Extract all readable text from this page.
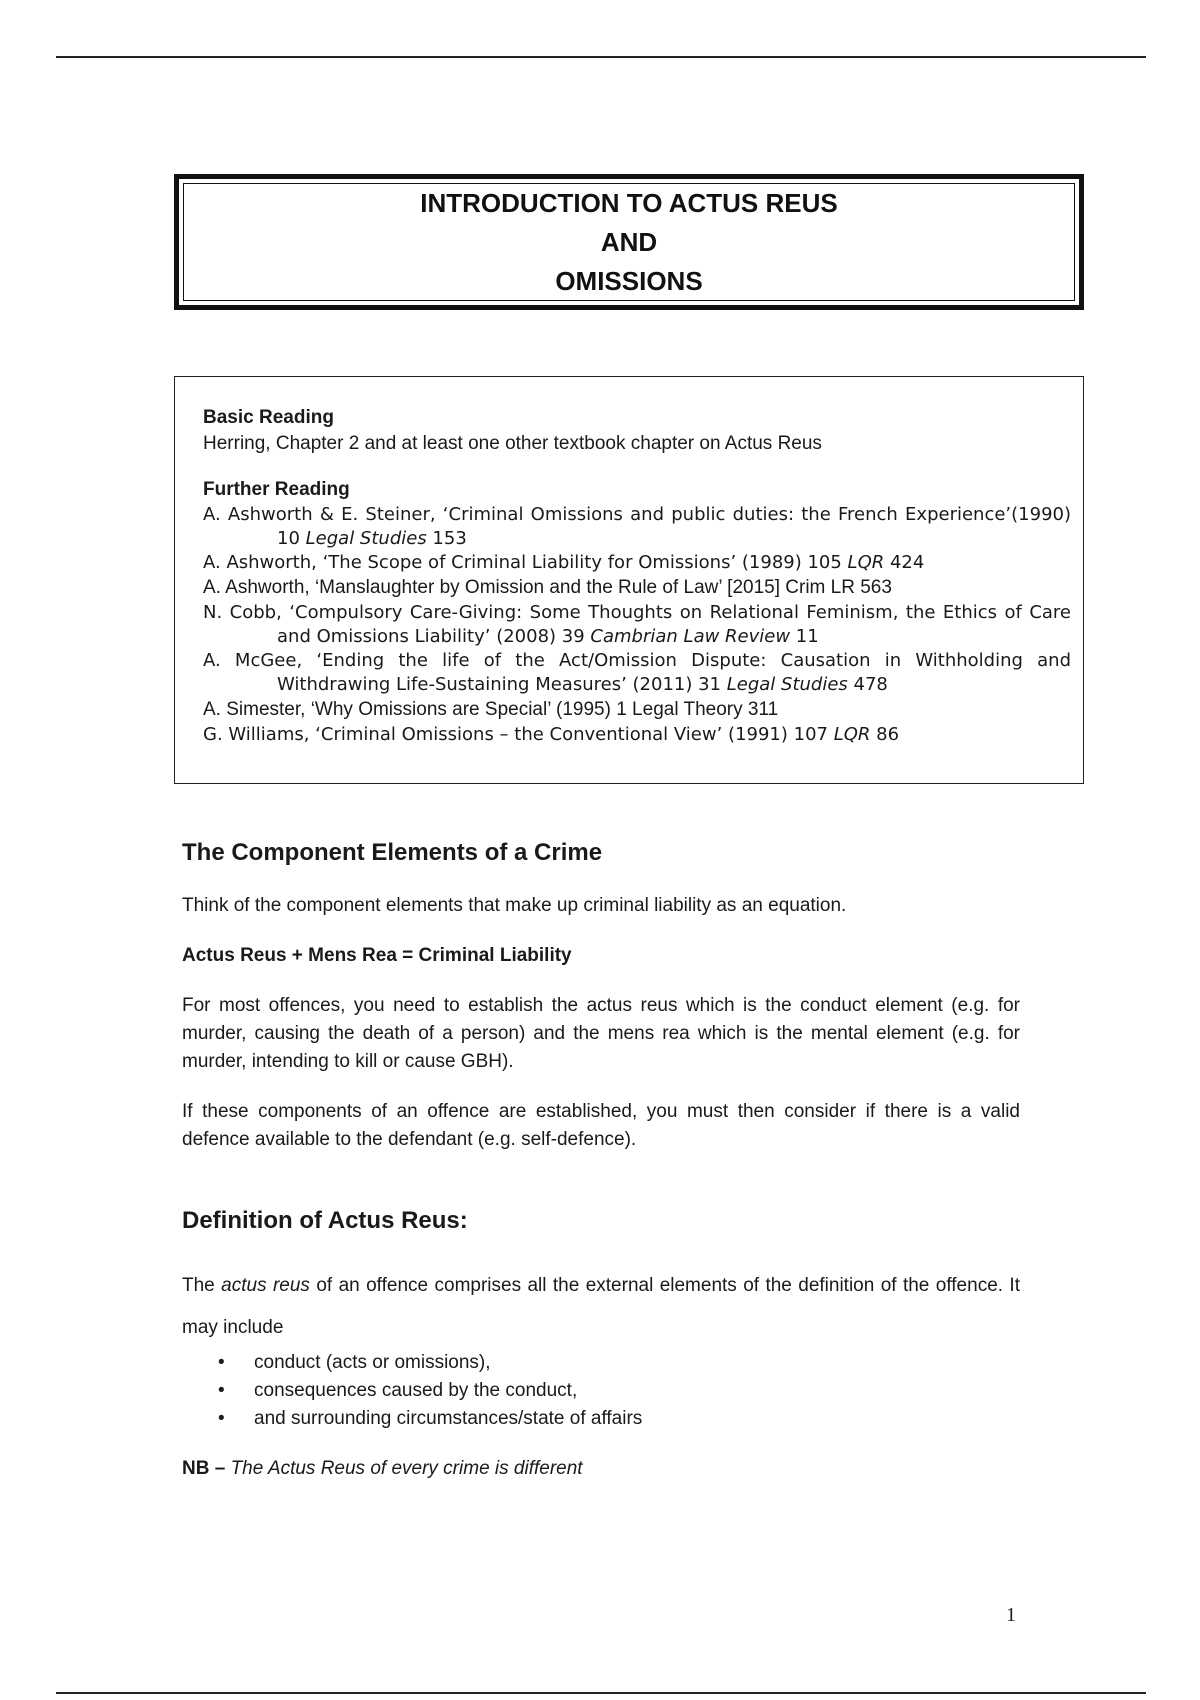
INTRODUCTION TO ACTUS REUS
AND
OMISSIONS
Basic Reading
Herring, Chapter 2 and at least one other textbook chapter on Actus Reus
Further Reading

A. Ashworth & E. Steiner, ‘Criminal Omissions and public duties: the French Experience’(1990) 10 Legal Studies 153

A. Ashworth, ‘The Scope of Criminal Liability for Omissions’ (1989) 105 LQR 424

A. Ashworth, ‘Manslaughter by Omission and the Rule of Law’ [2015] Crim LR 563

N. Cobb, ‘Compulsory Care-Giving: Some Thoughts on Relational Feminism, the Ethics of Care and Omissions Liability’ (2008) 39 Cambrian Law Review 11

A. McGee, ‘Ending the life of the Act/Omission Dispute: Causation in Withholding and Withdrawing Life-Sustaining Measures’ (2011) 31 Legal Studies 478

A. Simester, ‘Why Omissions are Special’ (1995) 1 Legal Theory 311

G. Williams, ‘Criminal Omissions – the Conventional View’ (1991) 107 LQR 86

The Component Elements of a Crime

Think of the component elements that make up criminal liability as an equation.

Actus Reus + Mens Rea = Criminal Liability

For most offences, you need to establish the actus reus which is the conduct element (e.g. for murder, causing the death of a person) and the mens rea which is the mental element (e.g. for murder, intending to kill or cause GBH).

If these components of an offence are established, you must then consider if there is a valid defence available to the defendant (e.g. self-defence).

Definition of Actus Reus:

The actus reus of an offence comprises all the external elements of the definition of the offence. It may include

• conduct (acts or omissions),
• consequences caused by the conduct,
• and surrounding circumstances/state of affairs

NB – The Actus Reus of every crime is different

1
